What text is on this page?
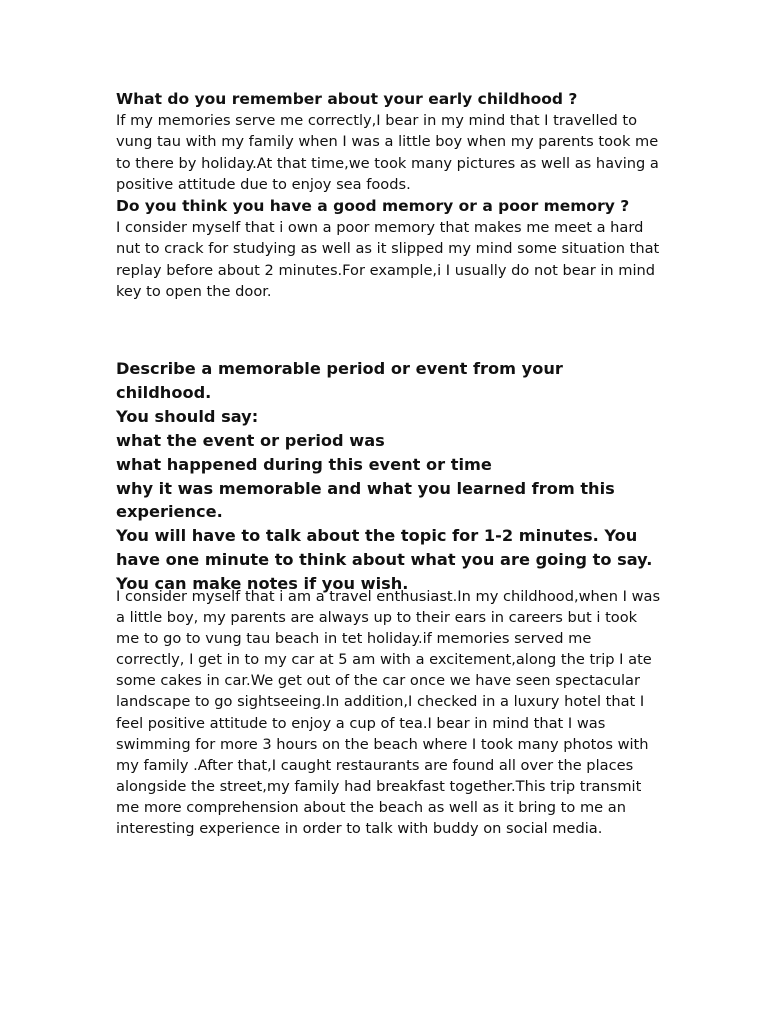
What do you remember about your early childhood ?

If my memories serve me correctly,I bear in my mind that I travelled to vung tau with my family when I was a little boy when my parents took me to there by holiday.At that time,we took many pictures as well as having a positive attitude due to enjoy sea foods.

Do you think you have a good memory or a poor memory ?

I consider myself that i own a poor memory that makes me meet a hard nut to crack for studying as well as it slipped my mind some situation that replay before about 2 minutes.For example,i I usually do not bear in mind key to open the door.

Describe a memorable period or event from your childhood.

You should say:

what the event or period was

what happened during this event or time

why it was memorable and what you learned from this experience.

You will have to talk about the topic for 1-2 minutes. You have one minute to think about what you are going to say. You can make notes if you wish.

I consider myself that i am a travel enthusiast.In my childhood,when I was a little boy, my parents are always up to their ears in careers but i took me to go to vung tau beach in tet holiday.if memories served me correctly, I get in to my car at 5 am with a excitement,along the trip I ate some cakes in car.We get out of the car once we have seen spectacular landscape to go sightseeing.In addition,I checked in a luxury hotel that I feel positive attitude to enjoy a cup of tea.I bear in mind that I was swimming for more 3 hours on the beach where I took many photos with my family .After that,I caught restaurants are found all over the places alongside the street,my family had breakfast together.This trip transmit me more comprehension about the beach as well as it bring to me an interesting experience in order to talk with buddy on social media.
